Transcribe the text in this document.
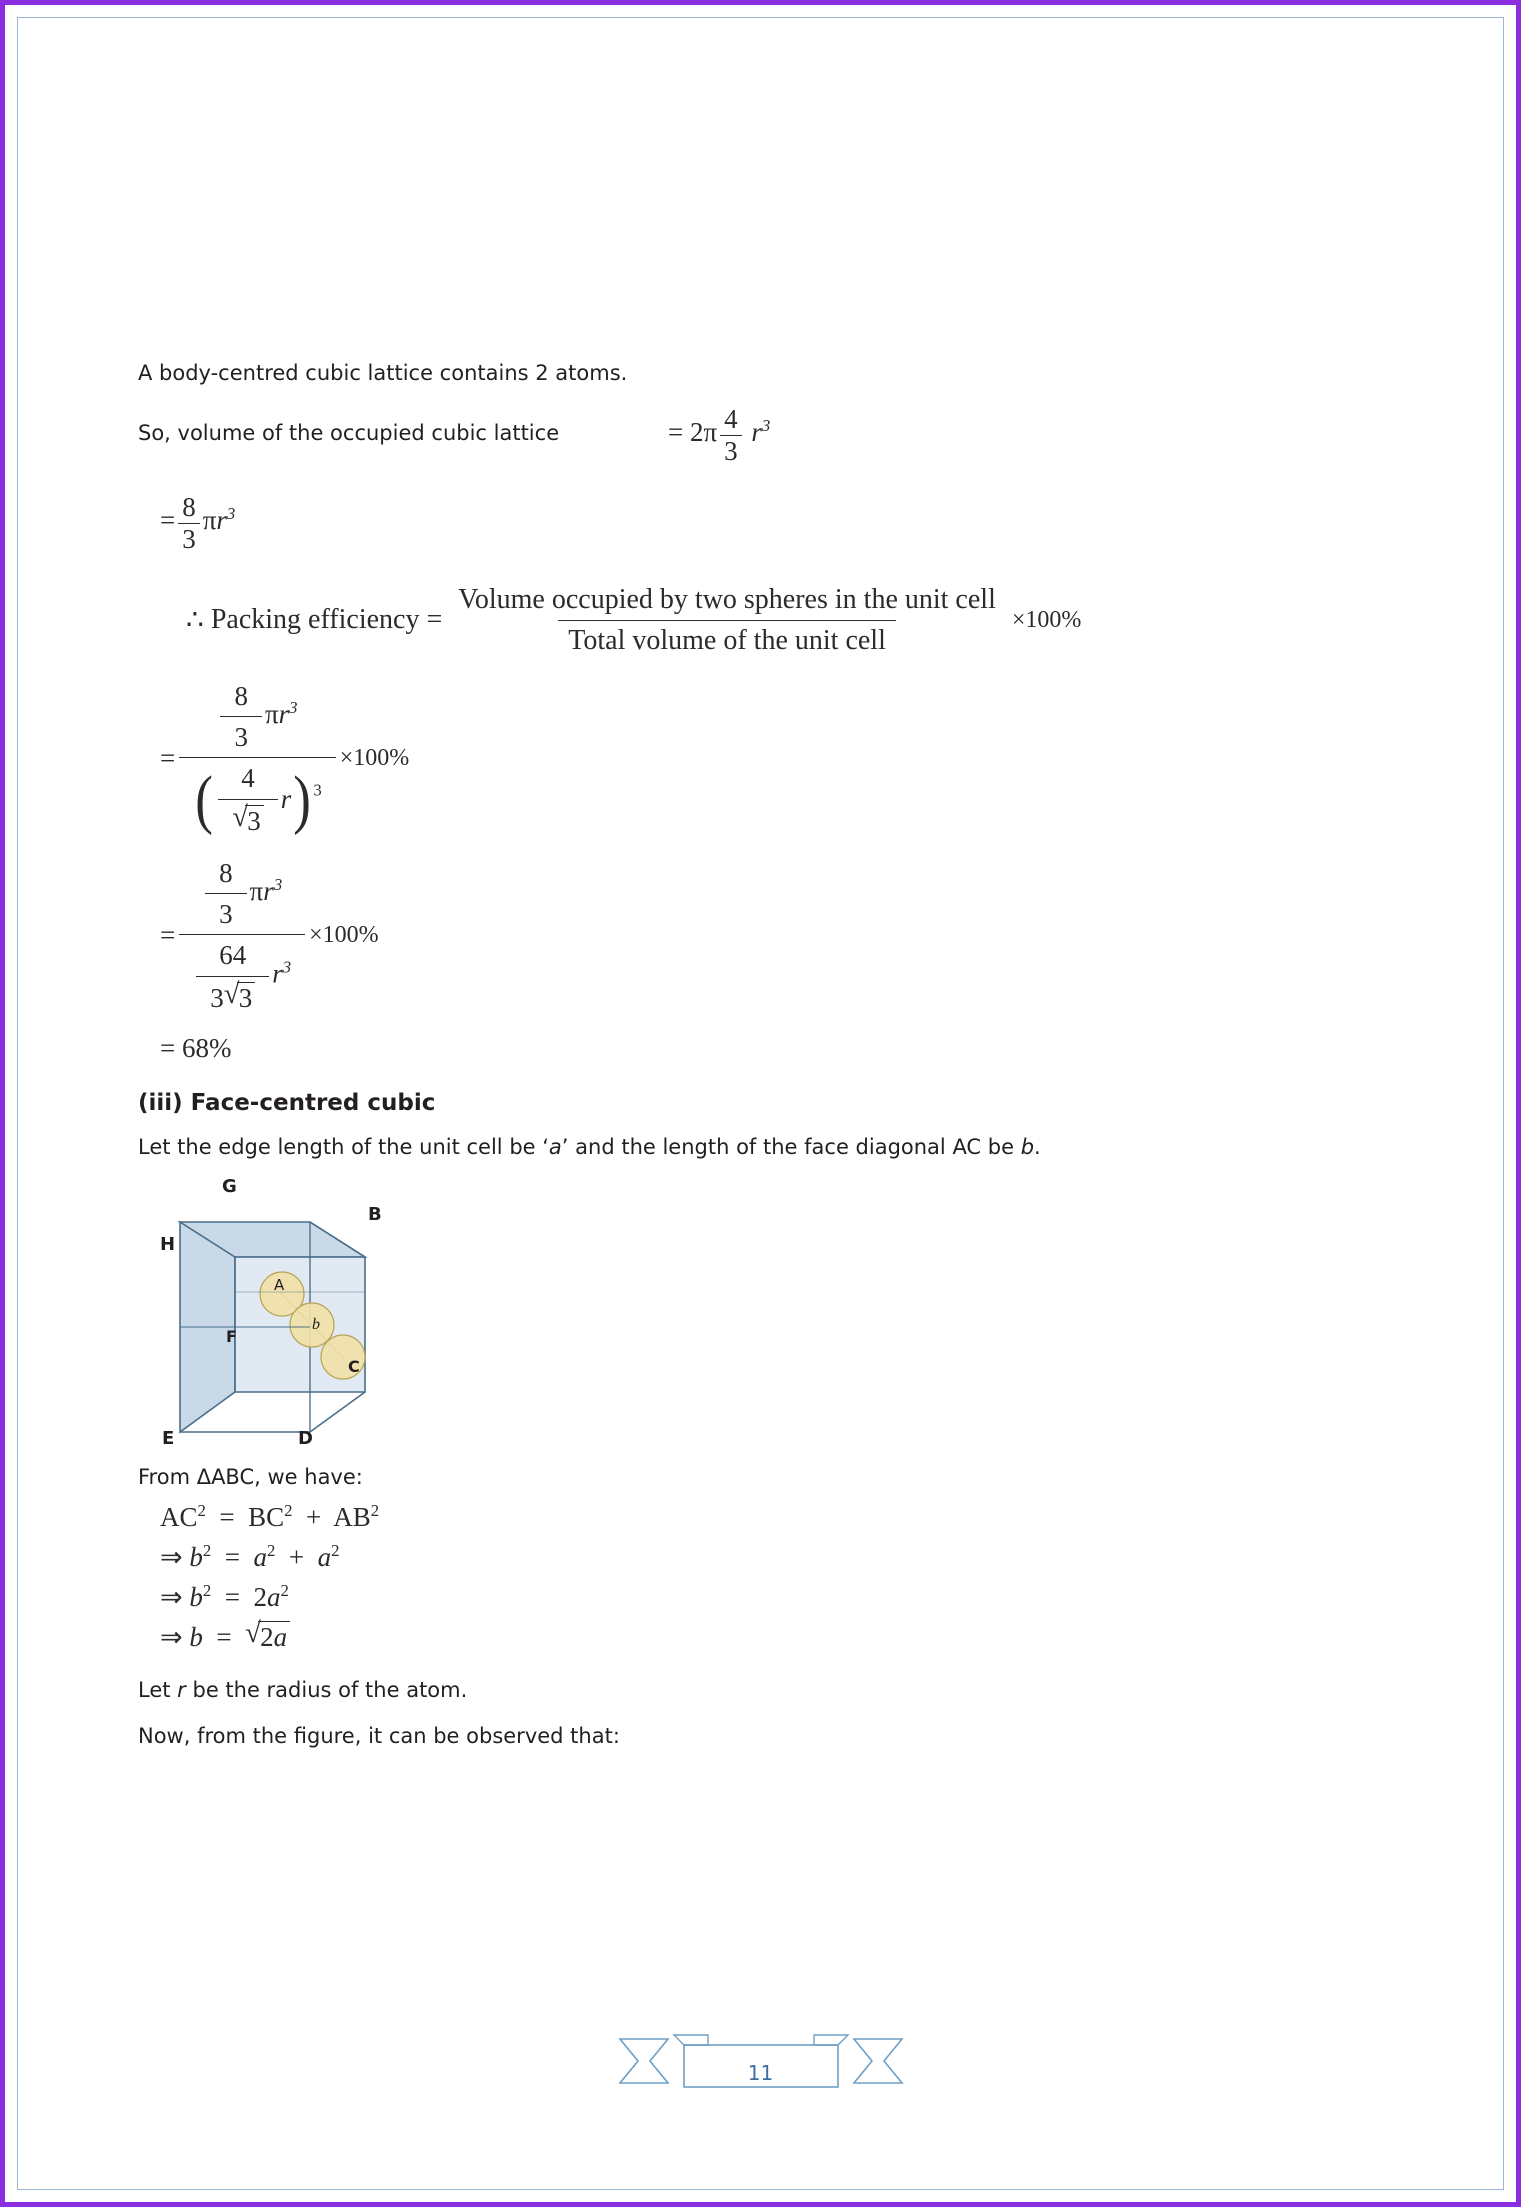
A body-centred cubic lattice contains 2 atoms.

So, volume of the occupied cubic lattice	= $2\pi \frac{4}{3} r^3$
= $\frac{8}{3} \pi r^3$
∴
Packing efficiency
= $\frac{\text{Volume occupied by two spheres in the unit cell}}{\text{Total volume of the unit cell}} \times 100\%$
= $\frac{8}{3} \pi r^3$
( 4
√ 3 r ) $^3$ ×100%
= $\frac{\frac{8}{3} \pi r^3}{\frac{64}{3 √ 3} r^3} \times 100\%$
= 68%
(iii) Face-centred cubic

Let the edge length of the unit cell be ‘a’ and the length of the face diagonal AC be b.

G
B
H
A
b
F
C
E	D

From ΔABC, we have:

$AC^2 = BC^2 + AB^2$
⇒ $b^2 = a^2 + a^2$
⇒ $b^2 = 2a^2$
⇒ b = √ 2a

Let r be the radius of the atom.

Now, from the figure, it can be observed that:

11
